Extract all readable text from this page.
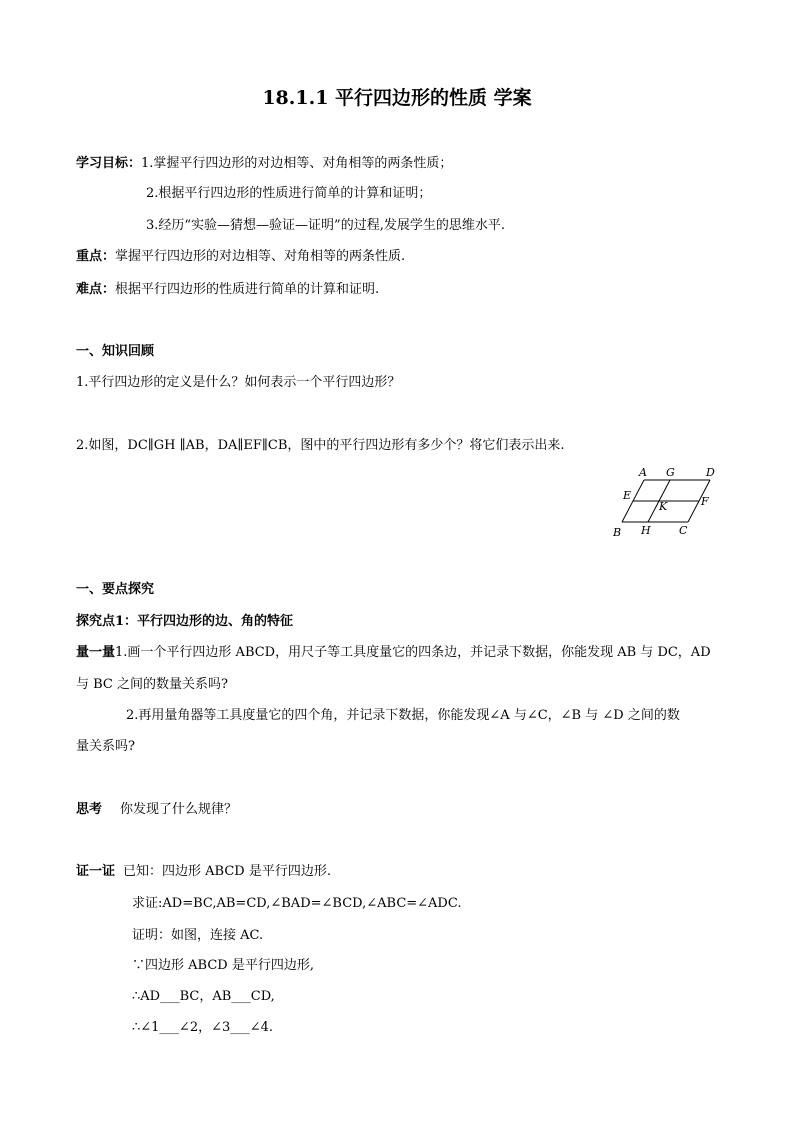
18.1.1 平行四边形的性质 学案
学习目标：1.掌握平行四边形的对边相等、对角相等的两条性质；
2.根据平行四边形的性质进行简单的计算和证明；
3.经历“实验—猜想—验证—证明”的过程,发展学生的思维水平.
重点：掌握平行四边形的对边相等、对角相等的两条性质.
难点：根据平行四边形的性质进行简单的计算和证明.
一、知识回顾
1.平行四边形的定义是什么？如何表示一个平行四边形？
2.如图，DC∥GH ∥AB，DA∥EF∥CB，图中的平行四边形有多少个？将它们表示出来.
A G	D
E
K	F
B H	C
一、要点探究
探究点1：平行四边形的边、角的特征
量一量1.画一个平行四边形 ABCD，用尺子等工具度量它的四条边，并记录下数据，你能发现 AB 与 DC，AD
与 BC 之间的数量关系吗?
2.再用量角器等工具度量它的四个角，并记录下数据，你能发现∠A 与∠C，∠B 与 ∠D 之间的数
量关系吗?
思考 你发现了什么规律？
证一证 已知：四边形 ABCD 是平行四边形.
求证:AD=BC,AB=CD,∠BAD=∠BCD,∠ABC=∠ADC.
证明：如图，连接 AC.
∵四边形 ABCD 是平行四边形,
∴AD___BC，AB___CD,
∴∠1___∠2，∠3___∠4.
